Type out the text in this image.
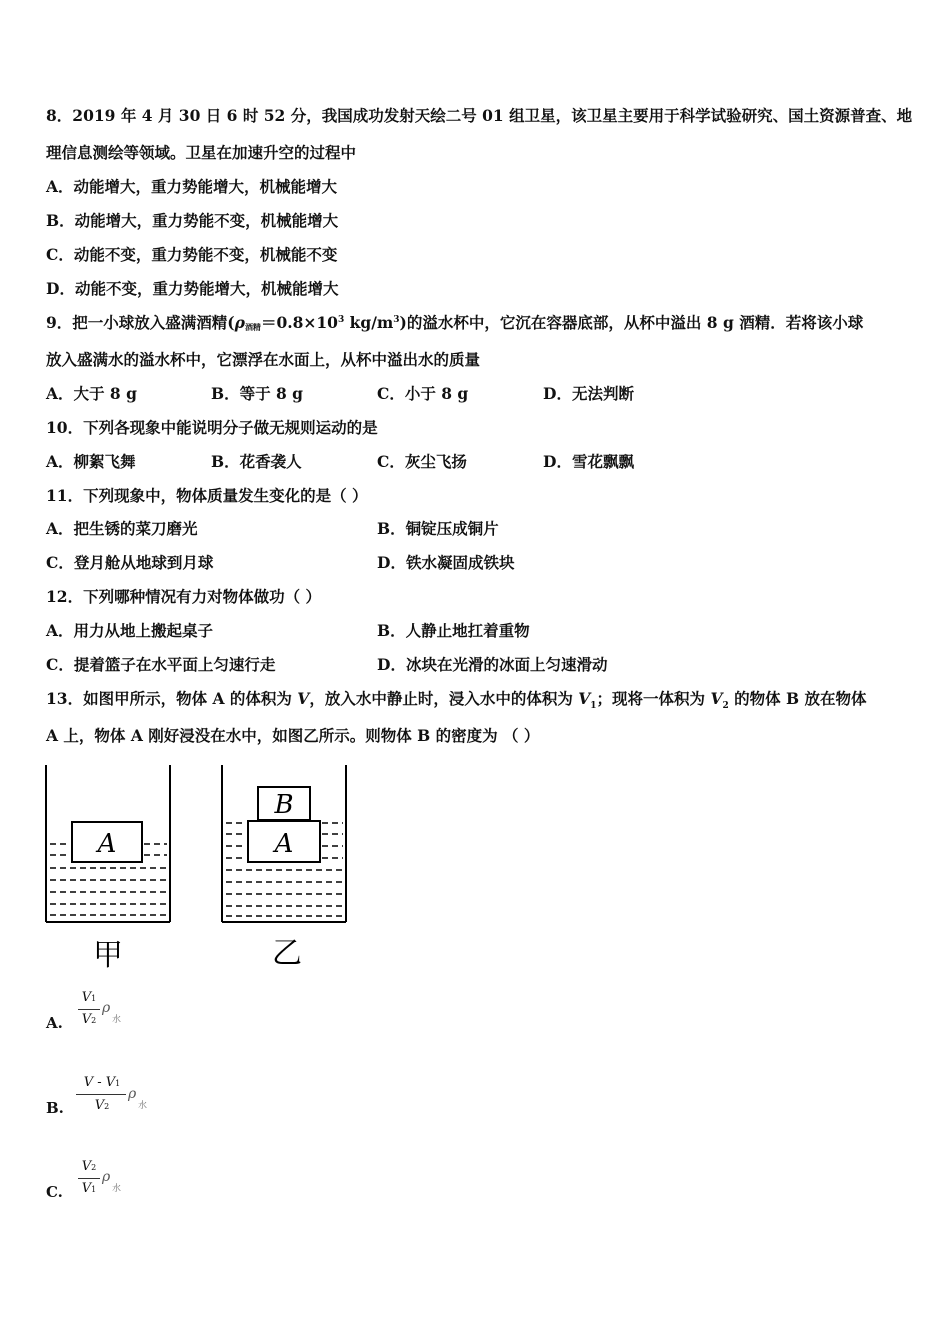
8．2019 年 4 月 30 日 6 时 52 分，我国成功发射天绘二号 01 组卫星，该卫星主要用于科学试验研究、国土资源普查、地
理信息测绘等领域。卫星在加速升空的过程中
A．动能增大，重力势能增大，机械能增大
B．动能增大，重力势能不变，机械能增大
C．动能不变，重力势能不变，机械能不变
D．动能不变，重力势能增大，机械能增大
9．把一小球放入盛满酒精(ρ酒精$=0.8\times 10^3$ $kg/m^3$)的溢水杯中，它沉在容器底部，从杯中溢出 8 g 酒精．若将该小球
放入盛满水的溢水杯中，它漂浮在水面上，从杯中溢出水的质量
A．大于 8 g	B．等于 8 g	C．小于 8 g	D．无法判断
10．下列各现象中能说明分子做无规则运动的是
A．柳絮飞舞	B．花香袭人	C．灰尘飞扬	D．雪花飘飘
11．下列现象中，物体质量发生变化的是（ ）
A．把生锈的菜刀磨光	B．铜锭压成铜片
C．登月舱从地球到月球	D．铁水凝固成铁块
12．下列哪种情况有力对物体做功（ ）
A．用力从地上搬起桌子	B．人静止地扛着重物
C．提着篮子在水平面上匀速行走	D．冰块在光滑的冰面上匀速滑动
13．如图甲所示，物体 A 的体积为 V，放入水中静止时，浸入水中的体积为 $V_1$；现将一体积为 $V_2$ 的物体 B 放在物体
A 上，物体 A 刚好浸没在水中，如图乙所示。则物体 B 的密度为 （ ）
A
甲
B
A
乙
A.
V1
V2
ρ
水
B.
V - V1
V2
ρ
水
C.
V2
V1
ρ
水
